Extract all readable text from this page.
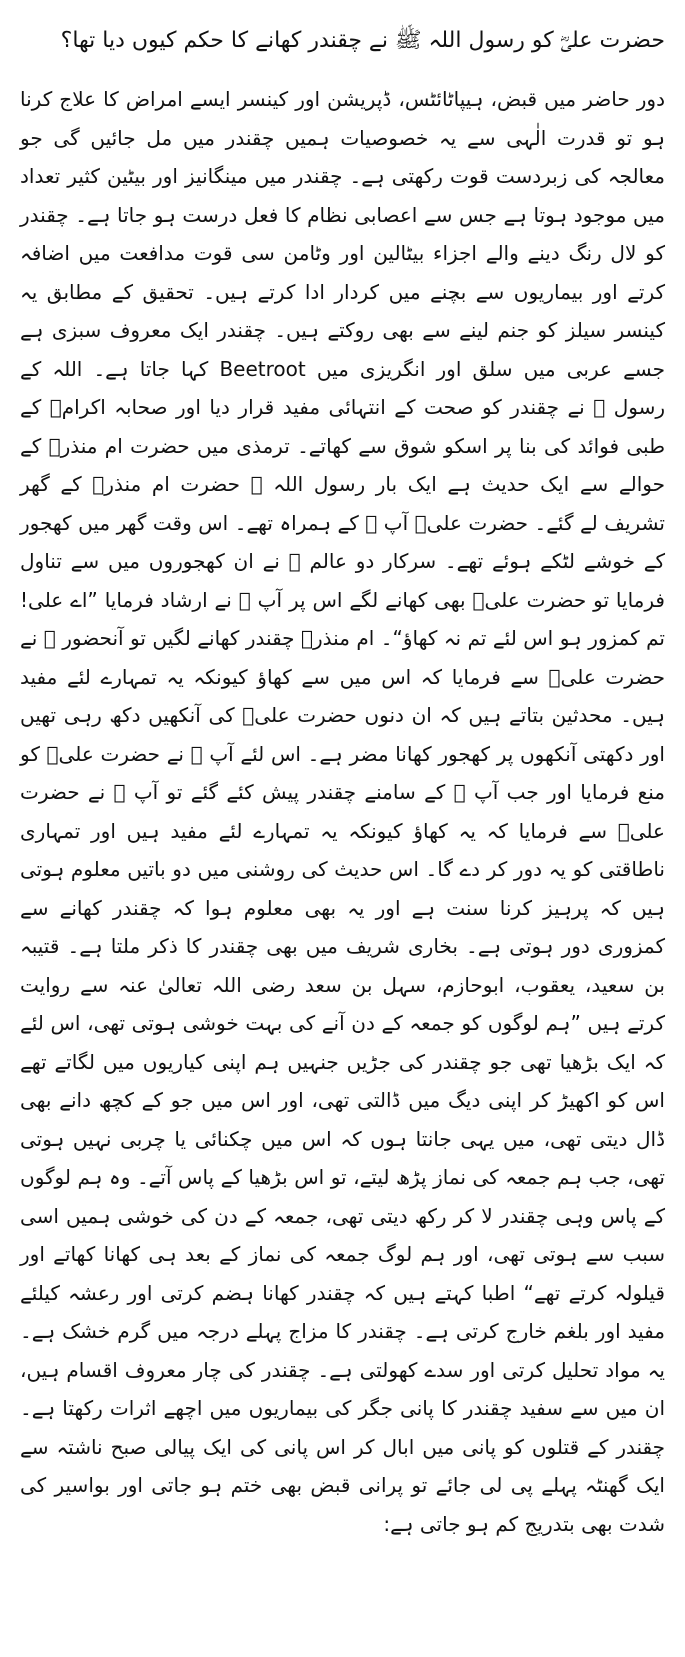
حضرت علیؓ کو رسول اللہ ﷺ نے چقندر کھانے کا حکم کیوں دیا تھا؟

دور حاضر میں قبض، ہیپاٹائٹس، ڈپریشن اور کینسر ایسے امراض کا علاج کرنا ہو تو قدرت الٰہی سے یہ خصوصیات ہمیں چقندر میں مل جائیں گی جو معالجہ کی زبردست قوت رکھتی ہے۔ چقندر میں مینگانیز اور بیٹین کثیر تعداد میں موجود ہوتا ہے جس سے اعصابی نظام کا فعل درست ہو جاتا ہے۔ چقندر کو لال رنگ دینے والے اجزاء بیٹالین اور وٹامن سی قوت مدافعت میں اضافہ کرتے اور بیماریوں سے بچنے میں کردار ادا کرتے ہیں۔ تحقیق کے مطابق یہ کینسر سیلز کو جنم لینے سے بھی روکتے ہیں۔ چقندر ایک معروف سبزی ہے جسے عربی میں سلق اور انگریزی میں Beetroot کہا جاتا ہے۔ اللہ کے رسول ﷺ نے چقندر کو صحت کے انتہائی مفید قرار دیا اور صحابہ اکرامؓ کے طبی فوائد کی بنا پر اسکو شوق سے کھاتے۔ ترمذی میں حضرت ام منذرؓ کے حوالے سے ایک حدیث ہے ایک بار رسول اللہ ﷺ حضرت ام منذرؓ کے گھر تشریف لے گئے۔ حضرت علیؓ آپ ﷺ کے ہمراہ تھے۔ اس وقت گھر میں کھجور کے خوشے لٹکے ہوئے تھے۔ سرکار دو عالم ﷺ نے ان کھجوروں میں سے تناول فرمایا تو حضرت علیؓ بھی کھانے لگے اس پر آپ ﷺ نے ارشاد فرمایا ”اے علی! تم کمزور ہو اس لئے تم نہ کھاؤ“۔ ام منذرؓ چقندر کھانے لگیں تو آنحضور ﷺ نے حضرت علیؓ سے فرمایا کہ اس میں سے کھاؤ کیونکہ یہ تمہارے لئے مفید ہیں۔ محدثین بتاتے ہیں کہ ان دنوں حضرت علیؓ کی آنکھیں دکھ رہی تھیں اور دکھتی آنکھوں پر کھجور کھانا مضر ہے۔ اس لئے آپ ﷺ نے حضرت علیؓ کو منع فرمایا اور جب آپ ﷺ کے سامنے چقندر پیش کئے گئے تو آپ ﷺ نے حضرت علیؓ سے فرمایا کہ یہ کھاؤ کیونکہ یہ تمہارے لئے مفید ہیں اور تمہاری ناطاقتی کو یہ دور کر دے گا۔ اس حدیث کی روشنی میں دو باتیں معلوم ہوتی ہیں کہ پرہیز کرنا سنت ہے اور یہ بھی معلوم ہوا کہ چقندر کھانے سے کمزوری دور ہوتی ہے۔ بخاری شریف میں بھی چقندر کا ذکر ملتا ہے۔ قتیبہ بن سعید، یعقوب، ابوحازم، سہل بن سعد رضی اللہ تعالیٰ عنہ سے روایت کرتے ہیں ”ہم لوگوں کو جمعہ کے دن آنے کی بہت خوشی ہوتی تھی، اس لئے کہ ایک بڑھیا تھی جو چقندر کی جڑیں جنہیں ہم اپنی کیاریوں میں لگاتے تھے اس کو اکھیڑ کر اپنی دیگ میں ڈالتی تھی، اور اس میں جو کے کچھ دانے بھی ڈال دیتی تھی، میں یہی جانتا ہوں کہ اس میں چکنائی یا چربی نہیں ہوتی تھی، جب ہم جمعہ کی نماز پڑھ لیتے، تو اس بڑھیا کے پاس آتے۔ وہ ہم لوگوں کے پاس وہی چقندر لا کر رکھ دیتی تھی، جمعہ کے دن کی خوشی ہمیں اسی سبب سے ہوتی تھی، اور ہم لوگ جمعہ کی نماز کے بعد ہی کھانا کھاتے اور قیلولہ کرتے تھے“ اطبا کہتے ہیں کہ چقندر کھانا ہضم کرتی اور رعشہ کیلئے مفید اور بلغم خارج کرتی ہے۔ چقندر کا مزاج پہلے درجہ میں گرم خشک ہے۔ یہ مواد تحلیل کرتی اور سدے کھولتی ہے۔ چقندر کی چار معروف اقسام ہیں، ان میں سے سفید چقندر کا پانی جگر کی بیماریوں میں اچھے اثرات رکھتا ہے۔ چقندر کے قتلوں کو پانی میں ابال کر اس پانی کی ایک پیالی صبح ناشتہ سے ایک گھنٹہ پہلے پی لی جائے تو پرانی قبض بھی ختم ہو جاتی اور بواسیر کی شدت بھی بتدریج کم ہو جاتی ہے:
